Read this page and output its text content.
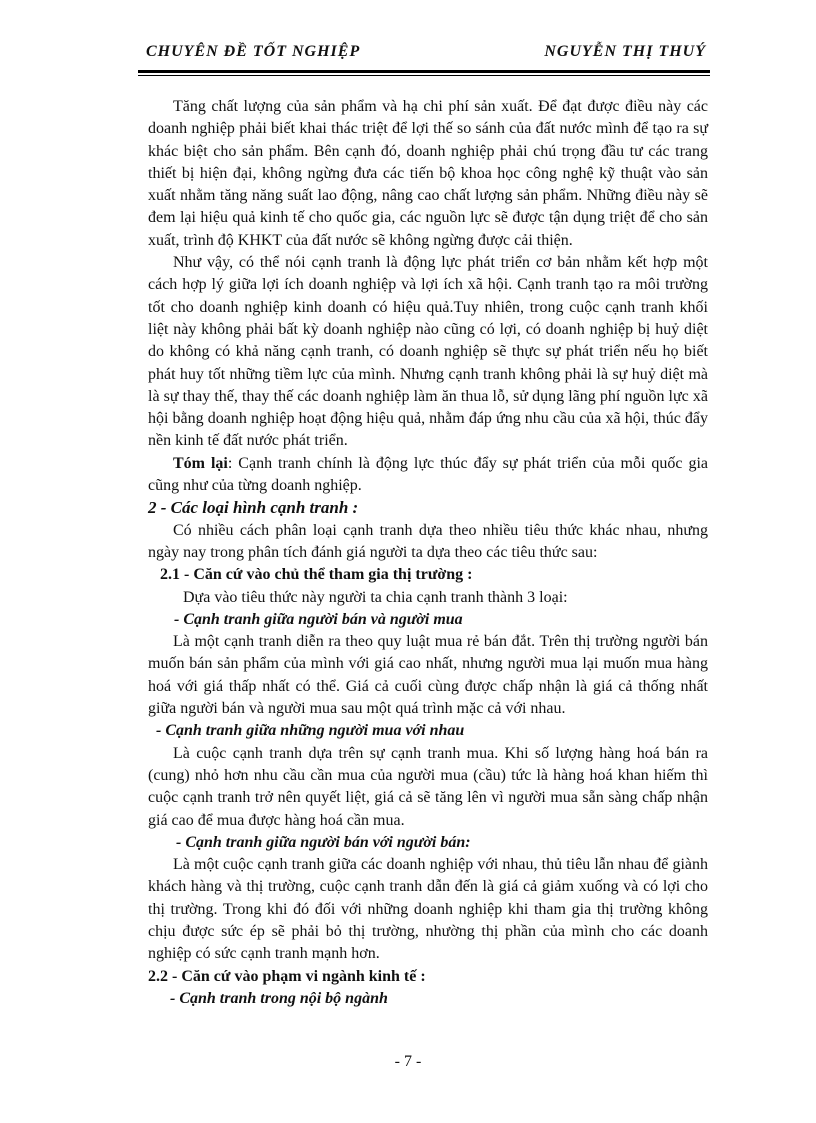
CHUYÊN ĐỀ TỐT NGHIỆP	NGUYỄN THỊ THUÝ

Tăng chất lượng của sản phẩm và hạ chi phí sản xuất. Để đạt được điều này các doanh nghiệp phải biết khai thác triệt để lợi thế so sánh của đất nước mình để tạo ra sự khác biệt cho sản phẩm. Bên cạnh đó, doanh nghiệp phải chú trọng đầu tư các trang thiết bị hiện đại, không ngừng đưa các tiến bộ khoa học công nghệ kỹ thuật vào sản xuất nhằm tăng năng suất lao động, nâng cao chất lượng sản phẩm. Những điều này sẽ đem lại hiệu quả kinh tế cho quốc gia, các nguồn lực sẽ được tận dụng triệt để cho sản xuất, trình độ KHKT của đất nước sẽ không ngừng được cải thiện.

Như vậy, có thể nói cạnh tranh là động lực phát triển cơ bản nhằm kết hợp một cách hợp lý giữa lợi ích doanh nghiệp và lợi ích xã hội. Cạnh tranh tạo ra môi trường tốt cho doanh nghiệp kinh doanh có hiệu quả.Tuy nhiên, trong cuộc cạnh tranh khối liệt này không phải bất kỳ doanh nghiệp nào cũng có lợi, có doanh nghiệp bị huỷ diệt do không có khả năng cạnh tranh, có doanh nghiệp sẽ thực sự phát triển nếu họ biết phát huy tốt những tiềm lực của mình. Nhưng cạnh tranh không phải là sự huỷ diệt mà là sự thay thế, thay thế các doanh nghiệp làm ăn thua lỗ, sử dụng lãng phí nguồn lực xã hội bằng doanh nghiệp hoạt động hiệu quả, nhằm đáp ứng nhu cầu của xã hội, thúc đẩy nền kinh tế đất nước phát triển.

Tóm lại: Cạnh tranh chính là động lực thúc đẩy sự phát triển của mỗi quốc gia cũng như của từng doanh nghiệp.

2 - Các loại hình cạnh tranh :

Có nhiều cách phân loại cạnh tranh dựa theo nhiều tiêu thức khác nhau, nhưng ngày nay trong phân tích đánh giá người ta dựa theo các tiêu thức sau:

2.1 - Căn cứ vào chủ thể tham gia thị trường :

Dựa vào tiêu thức này người ta chia cạnh tranh thành 3 loại:

- Cạnh tranh giữa người bán và người mua

Là một cạnh tranh diễn ra theo quy luật mua rẻ bán đắt. Trên thị trường người bán muốn bán sản phẩm của mình với giá cao nhất, nhưng người mua lại muốn mua hàng hoá với giá thấp nhất có thể. Giá cả cuối cùng được chấp nhận là giá cả thống nhất giữa người bán và người mua sau một quá trình mặc cả với nhau.

- Cạnh tranh giữa những người mua với nhau

Là cuộc cạnh tranh dựa trên sự cạnh tranh mua. Khi số lượng hàng hoá bán ra (cung) nhỏ hơn nhu cầu cần mua của người mua (cầu) tức là hàng hoá khan hiếm thì cuộc cạnh tranh trở nên quyết liệt, giá cả sẽ tăng lên vì người mua sẵn sàng chấp nhận giá cao để mua được hàng hoá cần mua.

- Cạnh tranh giữa người bán với người bán:

Là một cuộc cạnh tranh giữa các doanh nghiệp với nhau, thủ tiêu lẫn nhau để giành khách hàng và thị trường, cuộc cạnh tranh dẫn đến là giá cả giảm xuống và có lợi cho thị trường. Trong khi đó đối với những doanh nghiệp khi tham gia thị trường không chịu được sức ép sẽ phải bỏ thị trường, nhường thị phần của mình cho các doanh nghiệp có sức cạnh tranh mạnh hơn.

2.2 - Căn cứ vào phạm vi ngành kinh tế :

- Cạnh tranh trong nội bộ ngành

- 7 -
